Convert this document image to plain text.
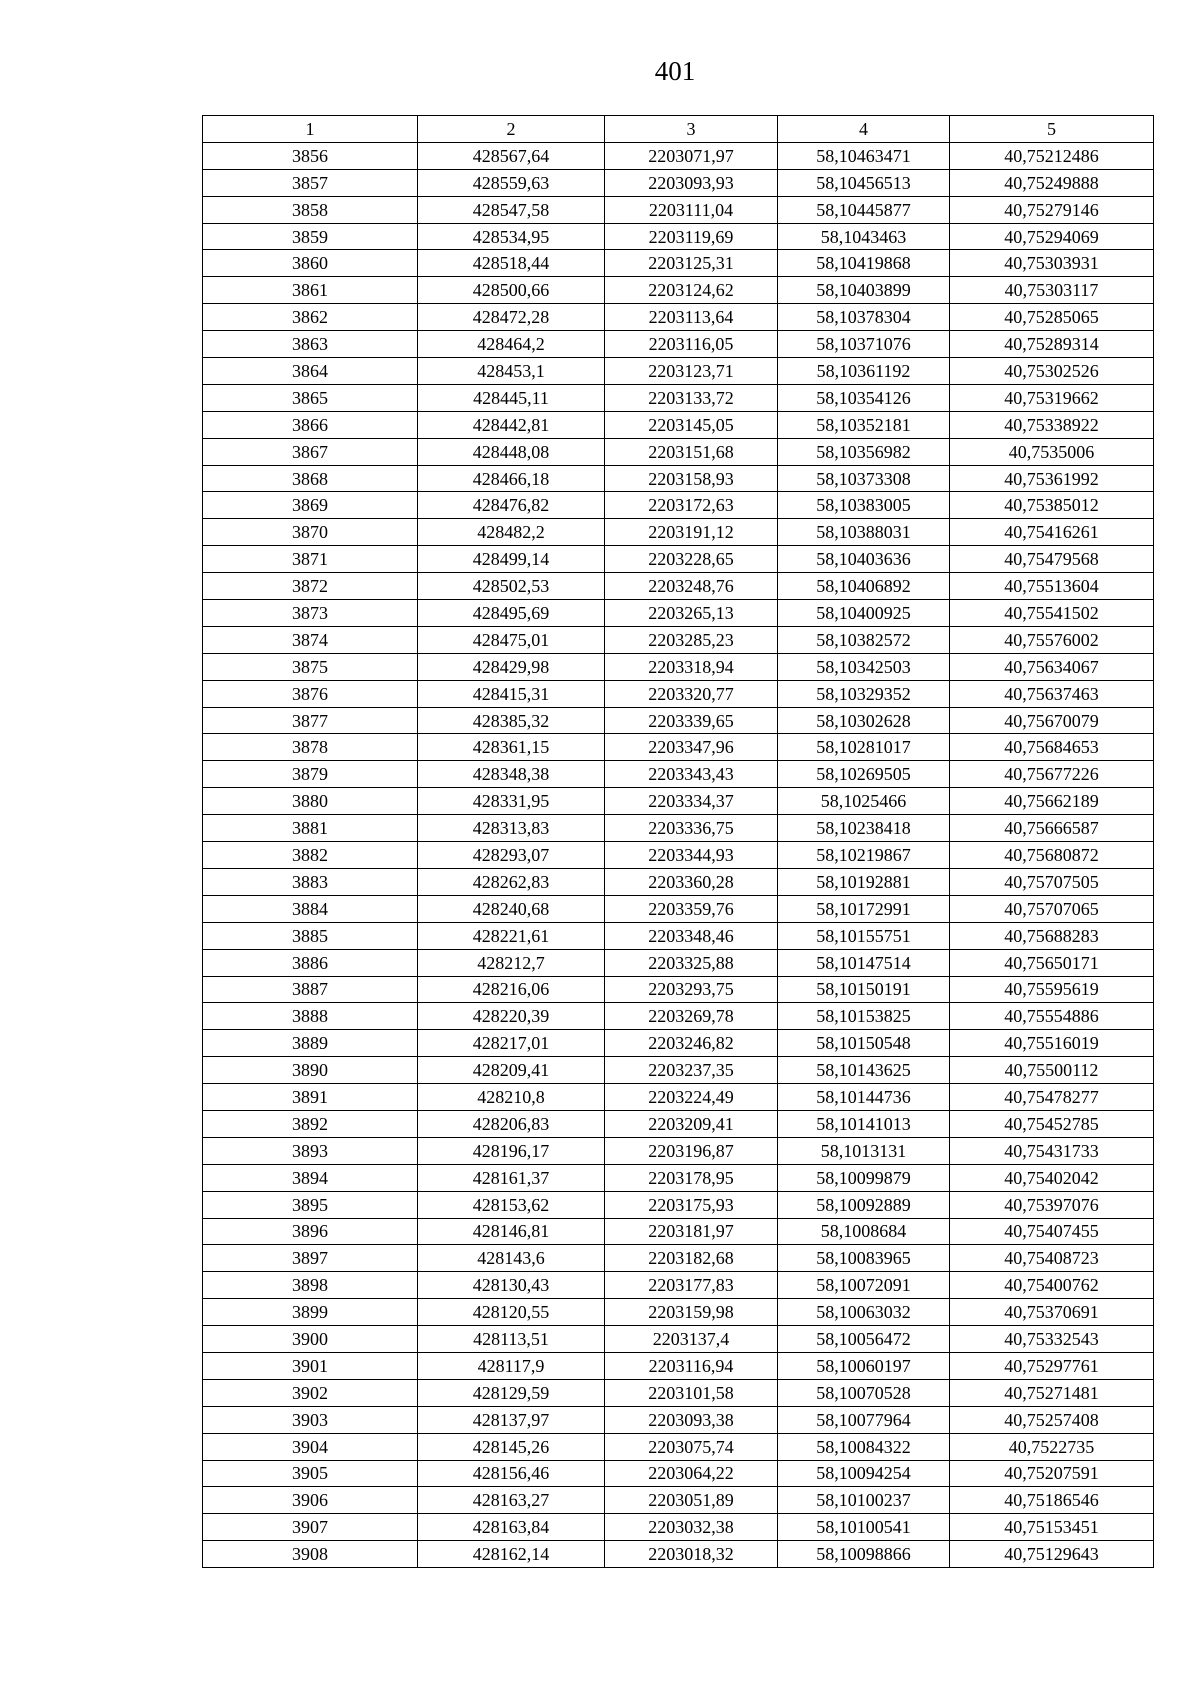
401
1	2	3	4	5
3856	428567,64	2203071,97	58,10463471	40,75212486
3857	428559,63	2203093,93	58,10456513	40,75249888
3858	428547,58	2203111,04	58,10445877	40,75279146
3859	428534,95	2203119,69	58,1043463	40,75294069
3860	428518,44	2203125,31	58,10419868	40,75303931
3861	428500,66	2203124,62	58,10403899	40,75303117
3862	428472,28	2203113,64	58,10378304	40,75285065
3863	428464,2	2203116,05	58,10371076	40,75289314
3864	428453,1	2203123,71	58,10361192	40,75302526
3865	428445,11	2203133,72	58,10354126	40,75319662
3866	428442,81	2203145,05	58,10352181	40,75338922
3867	428448,08	2203151,68	58,10356982	40,7535006
3868	428466,18	2203158,93	58,10373308	40,75361992
3869	428476,82	2203172,63	58,10383005	40,75385012
3870	428482,2	2203191,12	58,10388031	40,75416261
3871	428499,14	2203228,65	58,10403636	40,75479568
3872	428502,53	2203248,76	58,10406892	40,75513604
3873	428495,69	2203265,13	58,10400925	40,75541502
3874	428475,01	2203285,23	58,10382572	40,75576002
3875	428429,98	2203318,94	58,10342503	40,75634067
3876	428415,31	2203320,77	58,10329352	40,75637463
3877	428385,32	2203339,65	58,10302628	40,75670079
3878	428361,15	2203347,96	58,10281017	40,75684653
3879	428348,38	2203343,43	58,10269505	40,75677226
3880	428331,95	2203334,37	58,1025466	40,75662189
3881	428313,83	2203336,75	58,10238418	40,75666587
3882	428293,07	2203344,93	58,10219867	40,75680872
3883	428262,83	2203360,28	58,10192881	40,75707505
3884	428240,68	2203359,76	58,10172991	40,75707065
3885	428221,61	2203348,46	58,10155751	40,75688283
3886	428212,7	2203325,88	58,10147514	40,75650171
3887	428216,06	2203293,75	58,10150191	40,75595619
3888	428220,39	2203269,78	58,10153825	40,75554886
3889	428217,01	2203246,82	58,10150548	40,75516019
3890	428209,41	2203237,35	58,10143625	40,75500112
3891	428210,8	2203224,49	58,10144736	40,75478277
3892	428206,83	2203209,41	58,10141013	40,75452785
3893	428196,17	2203196,87	58,1013131	40,75431733
3894	428161,37	2203178,95	58,10099879	40,75402042
3895	428153,62	2203175,93	58,10092889	40,75397076
3896	428146,81	2203181,97	58,1008684	40,75407455
3897	428143,6	2203182,68	58,10083965	40,75408723
3898	428130,43	2203177,83	58,10072091	40,75400762
3899	428120,55	2203159,98	58,10063032	40,75370691
3900	428113,51	2203137,4	58,10056472	40,75332543
3901	428117,9	2203116,94	58,10060197	40,75297761
3902	428129,59	2203101,58	58,10070528	40,75271481
3903	428137,97	2203093,38	58,10077964	40,75257408
3904	428145,26	2203075,74	58,10084322	40,7522735
3905	428156,46	2203064,22	58,10094254	40,75207591
3906	428163,27	2203051,89	58,10100237	40,75186546
3907	428163,84	2203032,38	58,10100541	40,75153451
3908	428162,14	2203018,32	58,10098866	40,75129643
